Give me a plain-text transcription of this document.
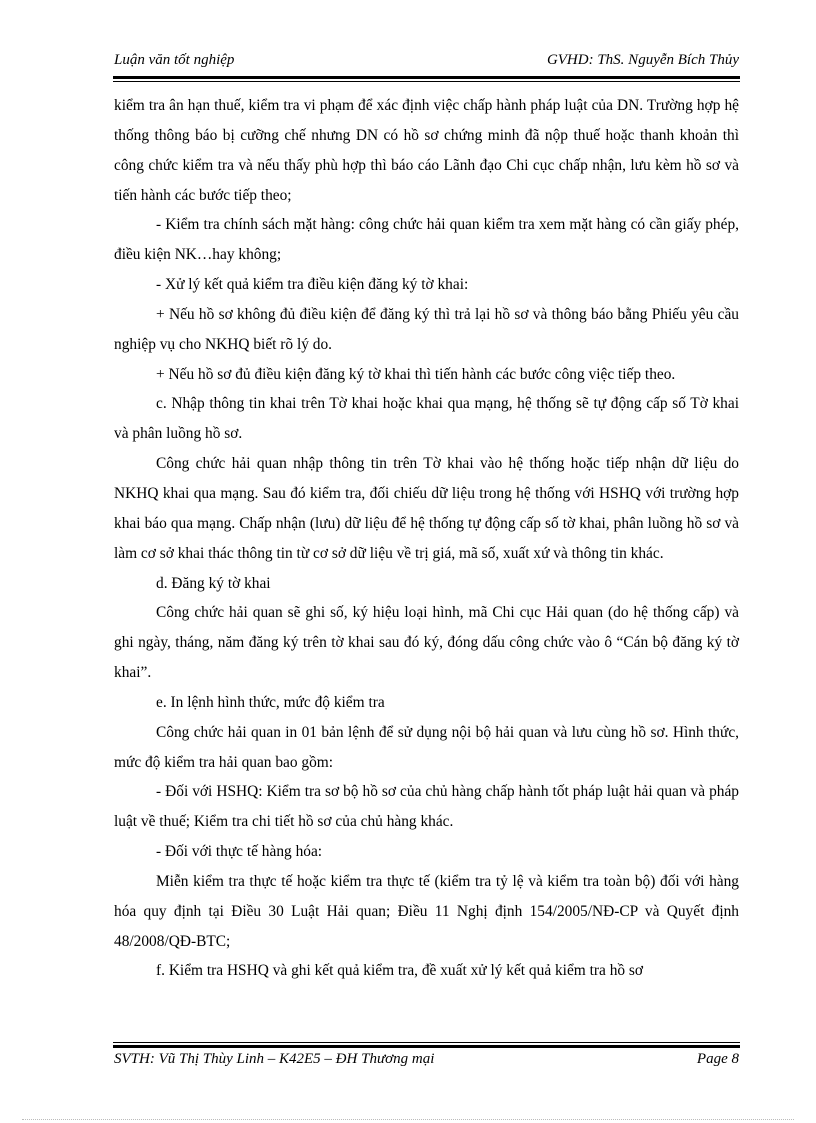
Luận văn tốt nghiệp	GVHD: ThS. Nguyễn Bích Thủy

kiểm tra ân hạn thuế, kiểm tra vi phạm để xác định việc chấp hành pháp luật của DN. Trường hợp hệ thống thông báo bị cưỡng chế nhưng DN có hồ sơ chứng minh đã nộp thuế hoặc thanh khoản thì công chức kiểm tra và nếu thấy phù hợp thì báo cáo Lãnh đạo Chi cục chấp nhận, lưu kèm hồ sơ và tiến hành các bước tiếp theo;

- Kiểm tra chính sách mặt hàng: công chức hải quan kiểm tra xem mặt hàng có cần giấy phép, điều kiện NK…hay không;

- Xử lý kết quả kiểm tra điều kiện đăng ký tờ khai:

+ Nếu hồ sơ không đủ điều kiện để đăng ký thì trả lại hồ sơ và thông báo bằng Phiếu yêu cầu nghiệp vụ cho NKHQ biết rõ lý do.

+ Nếu hồ sơ đủ điều kiện đăng ký tờ khai thì tiến hành các bước công việc tiếp theo.

c. Nhập thông tin khai trên Tờ khai hoặc khai qua mạng, hệ thống sẽ tự động cấp số Tờ khai và phân luồng hồ sơ.

Công chức hải quan nhập thông tin trên Tờ khai vào hệ thống hoặc tiếp nhận dữ liệu do NKHQ khai qua mạng. Sau đó kiểm tra, đối chiếu dữ liệu trong hệ thống với HSHQ với trường hợp khai báo qua mạng. Chấp nhận (lưu) dữ liệu để hệ thống tự động cấp số tờ khai, phân luồng hồ sơ và làm cơ sở khai thác thông tin từ cơ sở dữ liệu về trị giá, mã số, xuất xứ và thông tin khác.

d. Đăng ký tờ khai

Công chức hải quan sẽ ghi số, ký hiệu loại hình, mã Chi cục Hải quan (do hệ thống cấp) và ghi ngày, tháng, năm đăng ký trên tờ khai sau đó ký, đóng dấu công chức vào ô “Cán bộ đăng ký tờ khai”.

e. In lệnh hình thức, mức độ kiểm tra

Công chức hải quan in 01 bản lệnh để sử dụng nội bộ hải quan và lưu cùng hồ sơ. Hình thức, mức độ kiểm tra hải quan bao gồm:

- Đối với HSHQ: Kiểm tra sơ bộ hồ sơ của chủ hàng chấp hành tốt pháp luật hải quan và pháp luật về thuế; Kiểm tra chi tiết hồ sơ của chủ hàng khác.

- Đối với thực tế hàng hóa:

Miễn kiểm tra thực tế hoặc kiểm tra thực tế (kiểm tra tỷ lệ và kiểm tra toàn bộ) đối với hàng hóa quy định tại Điều 30 Luật Hải quan; Điều 11 Nghị định 154/2005/NĐ-CP và Quyết định 48/2008/QĐ-BTC;

f. Kiểm tra HSHQ và ghi kết quả kiểm tra, đề xuất xử lý kết quả kiểm tra hồ sơ

SVTH: Vũ Thị Thùy Linh – K42E5 – ĐH Thương mại	Page 8
